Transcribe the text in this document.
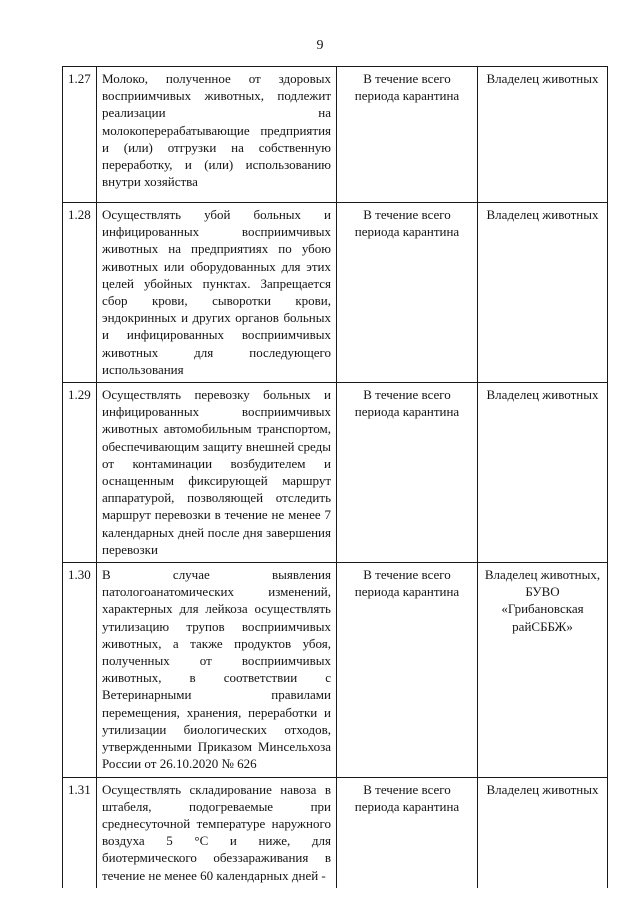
9
1.27	Молоко, полученное от здоровых восприимчивых животных, подлежит реализации на молокоперерабатывающие предприятия и (или) отгрузки на собственную переработку, и (или) использованию внутри хозяйства	В течение всего периода карантина	Владелец животных
1.28	Осуществлять убой больных и инфицированных восприимчивых животных на предприятиях по убою животных или оборудованных для этих целей убойных пунктах. Запрещается сбор крови, сыворотки крови, эндокринных и других органов больных и инфицированных восприимчивых животных для последующего использования	В течение всего периода карантина	Владелец животных
1.29	Осуществлять перевозку больных и инфицированных восприимчивых животных автомобильным транспортом, обеспечивающим защиту внешней среды от контаминации возбудителем и оснащенным фиксирующей маршрут аппаратурой, позволяющей отследить маршрут перевозки в течение не менее 7 календарных дней после дня завершения перевозки	В течение всего периода карантина	Владелец животных
1.30	В случае выявления патологоанатомических изменений, характерных для лейкоза осуществлять утилизацию трупов восприимчивых животных, а также продуктов убоя, полученных от восприимчивых животных, в соответствии с Ветеринарными правилами перемещения, хранения, переработки и утилизации биологических отходов, утвержденными Приказом Минсельхоза России от 26.10.2020 № 626	В течение всего периода карантина	Владелец животных, БУВО «Грибановская райСББЖ»
1.31	Осуществлять складирование навоза в штабеля, подогреваемые при среднесуточной температуре наружного воздуха 5 °С и ниже, для биотермического обеззараживания в течение не менее 60 календарных дней -	В течение всего периода карантина	Владелец животных
